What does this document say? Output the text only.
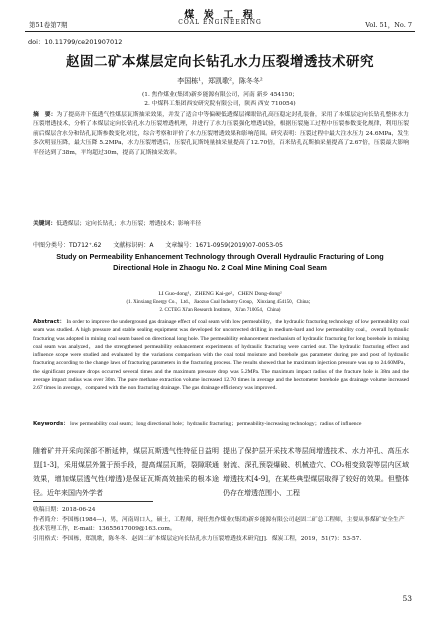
煤 炭 工 程
COAL ENGINEERING
第51卷第7期	Vol. 51，No. 7
doi：10.11799/ce201907012
赵固二矿本煤层定向长钻孔水力压裂增透技术研究
李国栋¹，郑凯歌²，陈冬冬²
(1. 焦作煤业(集团)新乡能源有限公司，河南 新乡 454150；
2. 中煤科工集团西安研究院有限公司，陕西 西安 710054)
摘　要：为了提高井下低透气性煤层瓦斯抽采效果，并发了适合中等偏硬低透煤层裸眼钻孔高压稳定封孔装备，采用了本煤层定向长钻孔整体水力压裂增透技术，分析了本煤层定向长钻孔水力压裂增透机理，并进行了水力压裂强化增透试验，根据压裂施工过程中压裂参数变化规律，利用压裂前后煤层含水分和钻孔瓦斯参数变化对比，综合考察和评价了水力压裂增透效果和影响范围。研究表明：压裂过程中最大注水压力 24.6MPa，发生多次明显压降，最大压降 5.2MPa，水力压裂增透后，压裂孔瓦斯纯量抽采量提高了12.70倍，百米钻孔瓦斯抽采量提高了2.67倍，压裂最大影响半径达到了38m，平均超过30m，提高了瓦斯抽采效率。
关键词：低透煤层；定向长钻孔；水力压裂；增透技术；影响半径
中图分类号：TD712⁺.62 文献标识码：A 文章编号：1671-0959(2019)07-0053-05
Study on Permeability Enhancement Technology through Overall Hydraulic Fracturing of Long Directional Hole in Zhaogu No. 2 Coal Mine Mining Coal Seam
LI Guo-dong¹，ZHENG Kai-ge²，CHEN Dong-dong²
(1. Xinxiang Energy Co.，Ltd.，Jiaozuo Coal Industry Group，Xinxiang 454150，China；
2. CCTEG Xi'an Research Institute，Xi'an 710054，China)
Abstract： In order to improve the underground gas drainage effect of coal seam with low permeability，the hydraulic fracturing technology of low permeability coal seam was studied. A high pressure and stable sealing equipment was developed for uncorrected drilling in medium-hard and low permeability coal，overall hydraulic fracturing was adopted in mining coal seam based on directional long hole. The permeability enhancement mechanism of hydraulic fracturing for long borehole in mining coal seam was analyzed，and the strengthened permeability enhancement experiments of hydraulic fracturing were carried out. The hydraulic fracturing effect and influence scope were studied and evaluated by the variations comparison with the coal total moisture and borehole gas parameter during pre and post of hydraulic fracturing according to the change laws of fracturing parameters in the fracturing process. The results showed that he maximum injection pressure was up to 24.60MPa，the significant pressure drops occurred several times and the maximum pressure drop was 5.2MPa. The maximum impact radius of the fracture hole is 38m and the average impact radius was over 30m. The pure methane extraction volume increased 12.70 times in average and the hectometer borehole gas drainage volume increased 2.67 times in average，compared with the non fracturing drainage. The gas drainage efficiency was improved.
Keywords： low permeability coal seam；long directional hole；hydraulic fracturing；permeability-increasing technology；radius of influence
随着矿井开采向深部不断延伸，煤层瓦斯透气性特征日益明显[1-3]，采用煤层外置于预手段，提高煤层瓦斯，裂隙联通效果，增加煤层透气性(增透)是保证瓦斯高效抽采的根本途径。近年来国内外学者
提出了保护层开采技术等层间增透技术、水力冲孔、高压水射流、深孔预裂爆破、机械造穴、CO₂相变致裂等层内区域增透技术[4-9]，在某些典型煤层取得了较好的效果。但整体仍存在增透范围小、工程
收稿日期：2018-06-24
作者简介：李国栋(1984—)，男，河南周口人，硕士，工程师，现任焦作煤业(集团)新乡能源有限公司赵固二矿总工程师，主要从事煤矿安全生产技术管理工作，E-mail：13655617009@163.com。
引用格式：李国栋，郑凯歌，陈冬冬．赵固二矿本煤层定向长钻孔水力压裂增透技术研究[J]．煤炭工程，2019，51(7)：53-57.
53
